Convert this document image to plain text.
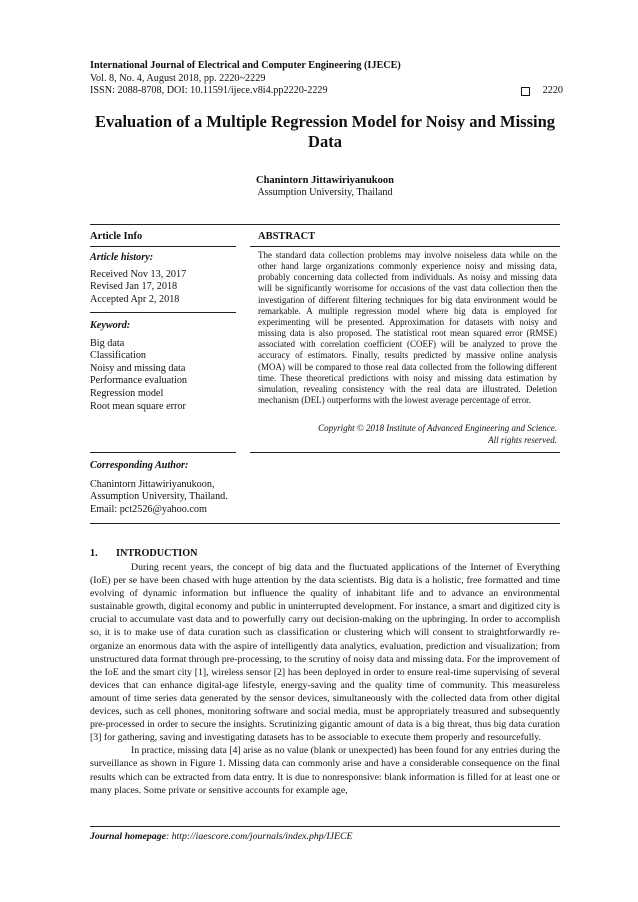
International Journal of Electrical and Computer Engineering (IJECE)
Vol. 8, No. 4, August 2018, pp. 2220~2229
ISSN: 2088-8708, DOI: 10.11591/ijece.v8i4.pp2220-2229	2220
Evaluation of a Multiple Regression Model for Noisy and Missing Data
Chanintorn Jittawiriyanukoon
Assumption University, Thailand
Article Info
Article history:
Received Nov 13, 2017
Revised Jan 17, 2018
Accepted Apr 2, 2018
Keyword:
Big data
Classification
Noisy and missing data
Performance evaluation
Regression model
Root mean square error
Corresponding Author:
Chanintorn Jittawiriyanukoon,
Assumption University, Thailand.
Email: pct2526@yahoo.com
ABSTRACT
The standard data collection problems may involve noiseless data while on the other hand large organizations commonly experience noisy and missing data, probably concerning data collected from individuals. As noisy and missing data will be significantly worrisome for occasions of the vast data collection then the investigation of different filtering techniques for big data environment would be remarkable. A multiple regression model where big data is employed for experimenting will be presented. Approximation for datasets with noisy and missing data is also proposed. The statistical root mean squared error (RMSE) associated with correlation coefficient (COEF) will be analyzed to prove the accuracy of estimators. Finally, results predicted by massive online analysis (MOA) will be compared to those real data collected from the following different time. These theoretical predictions with noisy and missing data estimation by simulation, revealing consistency with the real data are illustrated. Deletion mechanism (DEL) outperforms with the lowest average percentage of error.
Copyright © 2018 Institute of Advanced Engineering and Science.
All rights reserved.
1. INTRODUCTION

During recent years, the concept of big data and the fluctuated applications of the Internet of Everything (IoE) per se have been chased with huge attention by the data scientists. Big data is a holistic, free formatted and time evolving of dynamic information but influence the quality of inhabitant life and to advance an environmental sustainable growth, digital economy and public in uninterrupted development. For instance, a smart and digitized city is crucial to accumulate vast data and to powerfully carry out decision-making on the upbringing. In order to accomplish so, it is to make use of data curation such as classification or clustering which will consent to straightforwardly re-organize an enormous data with the aspire of intelligently data analytics, evaluation, prediction and visualization; from unstructured data format through pre-processing, to the scrutiny of noisy data and missing data. For the improvement of the IoE and the smart city [1], wireless sensor [2] has been deployed in order to ensure real-time supervising of several devices that can enhance digital-age lifestyle, energy-saving and the quality time of community. This measureless amount of time series data generated by the sensor devices, simultaneously with the collected data from other digital devices, such as cell phones, monitoring software and social media, must be appropriately treasured and subsequently pre-processed in order to secure the insights. Scrutinizing gigantic amount of data is a big threat, thus big data curation [3] for gathering, saving and investigating datasets has to be associable to execute them properly and resourcefully.

In practice, missing data [4] arise as no value (blank or unexpected) has been found for any entries during the surveillance as shown in Figure 1. Missing data can commonly arise and have a considerable consequence on the final results which can be extracted from data entry. It is due to nonresponsive: blank information is filled for at least one or many places. Some private or sensitive accounts for example age,

Journal homepage: http://iaescore.com/journals/index.php/IJECE
